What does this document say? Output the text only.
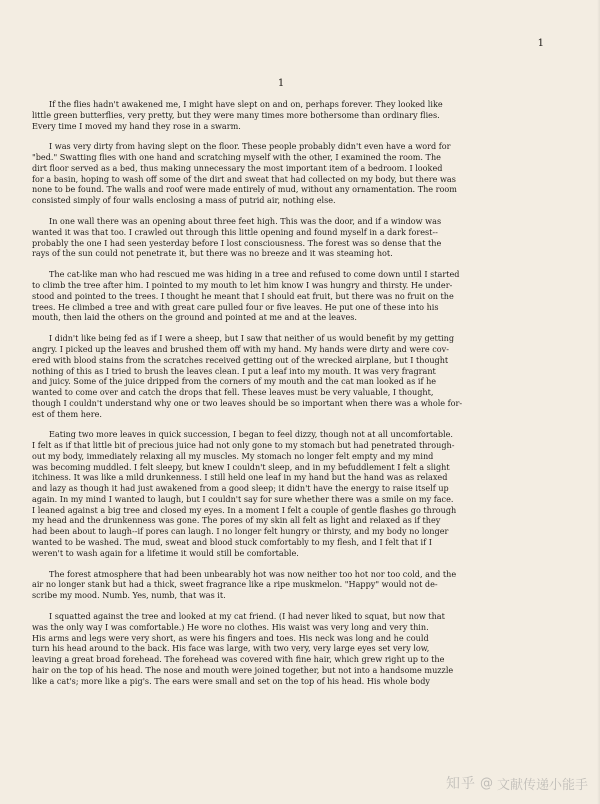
1
1

If the flies hadn't awakened me, I might have slept on and on, perhaps forever. They looked like
little green butterflies, very pretty, but they were many times more bothersome than ordinary flies.
Every time I moved my hand they rose in a swarm.

I was very dirty from having slept on the floor. These people probably didn't even have a word for
"bed." Swatting flies with one hand and scratching myself with the other, I examined the room. The
dirt floor served as a bed, thus making unnecessary the most important item of a bedroom. I looked
for a basin, hoping to wash off some of the dirt and sweat that had collected on my body, but there was
none to be found. The walls and roof were made entirely of mud, without any ornamentation. The room
consisted simply of four walls enclosing a mass of putrid air, nothing else.

In one wall there was an opening about three feet high. This was the door, and if a window was
wanted it was that too. I crawled out through this little opening and found myself in a dark forest--
probably the one I had seen yesterday before I lost consciousness. The forest was so dense that the
rays of the sun could not penetrate it, but there was no breeze and it was steaming hot.

The cat-like man who had rescued me was hiding in a tree and refused to come down until I started
to climb the tree after him. I pointed to my mouth to let him know I was hungry and thirsty. He under-
stood and pointed to the trees. I thought he meant that I should eat fruit, but there was no fruit on the
trees. He climbed a tree and with great care pulled four or five leaves. He put one of these into his
mouth, then laid the others on the ground and pointed at me and at the leaves.

I didn't like being fed as if I were a sheep, but I saw that neither of us would benefit by my getting
angry. I picked up the leaves and brushed them off with my hand. My hands were dirty and were cov-
ered with blood stains from the scratches received getting out of the wrecked airplane, but I thought
nothing of this as I tried to brush the leaves clean. I put a leaf into my mouth. It was very fragrant
and juicy. Some of the juice dripped from the corners of my mouth and the cat man looked as if he
wanted to come over and catch the drops that fell. These leaves must be very valuable, I thought,
though I couldn't understand why one or two leaves should be so important when there was a whole for-
est of them here.

Eating two more leaves in quick succession, I began to feel dizzy, though not at all uncomfortable.
I felt as if that little bit of precious juice had not only gone to my stomach but had penetrated through-
out my body, immediately relaxing all my muscles. My stomach no longer felt empty and my mind
was becoming muddled. I felt sleepy, but knew I couldn't sleep, and in my befuddlement I felt a slight
itchiness. It was like a mild drunkenness. I still held one leaf in my hand but the hand was as relaxed
and lazy as though it had just awakened from a good sleep; it didn't have the energy to raise itself up
again. In my mind I wanted to laugh, but I couldn't say for sure whether there was a smile on my face.
I leaned against a big tree and closed my eyes. In a moment I felt a couple of gentle flashes go through
my head and the drunkenness was gone. The pores of my skin all felt as light and relaxed as if they
had been about to laugh--if pores can laugh. I no longer felt hungry or thirsty, and my body no longer
wanted to be washed. The mud, sweat and blood stuck comfortably to my flesh, and I felt that if I
weren't to wash again for a lifetime it would still be comfortable.

The forest atmosphere that had been unbearably hot was now neither too hot nor too cold, and the
air no longer stank but had a thick, sweet fragrance like a ripe muskmelon. "Happy" would not de-
scribe my mood. Numb. Yes, numb, that was it.

I squatted against the tree and looked at my cat friend. (I had never liked to squat, but now that
was the only way I was comfortable.) He wore no clothes. His waist was very long and very thin.
His arms and legs were very short, as were his fingers and toes. His neck was long and he could
turn his head around to the back. His face was large, with two very, very large eyes set very low,
leaving a great broad forehead. The forehead was covered with fine hair, which grew right up to the
hair on the top of his head. The nose and mouth were joined together, but not into a handsome muzzle
like a cat's; more like a pig's. The ears were small and set on the top of his head. His whole body

知乎 @ 文献传递小能手
